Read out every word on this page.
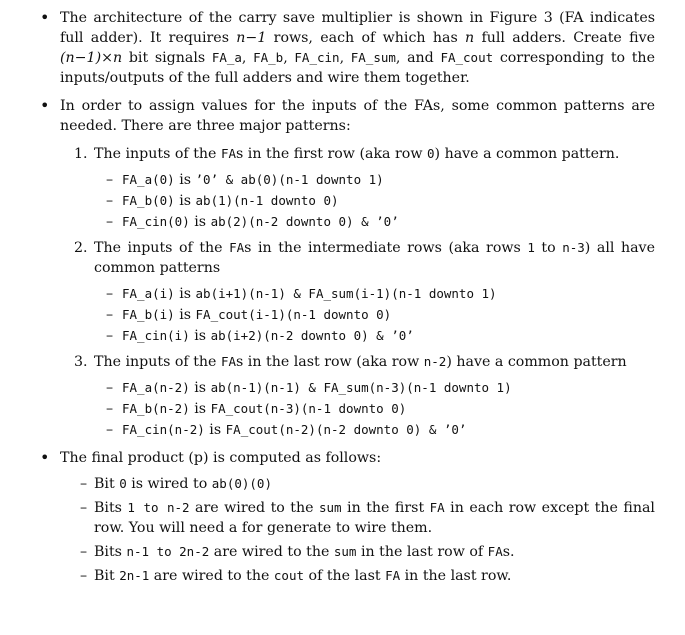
• The architecture of the carry save multiplier is shown in Figure 3 (FA indicates full adder). It requires n−1 rows, each of which has n full adders. Create five (n−1)×n bit signals FA_a, FA_b, FA_cin, FA_sum, and FA_cout corresponding to the inputs/outputs of the full adders and wire them together.
• In order to assign values for the inputs of the FAs, some common patterns are needed. There are three major patterns:
1. The inputs of the FAs in the first row (aka row 0) have a common pattern.
– FA_a(0) is ’0’ & ab(0)(n-1 downto 1)
– FA_b(0) is ab(1)(n-1 downto 0)
– FA_cin(0) is ab(2)(n-2 downto 0) & ’0’
2. The inputs of the FAs in the intermediate rows (aka rows 1 to n-3) all have common patterns
– FA_a(i) is ab(i+1)(n-1) & FA_sum(i-1)(n-1 downto 1)
– FA_b(i) is FA_cout(i-1)(n-1 downto 0)
– FA_cin(i) is ab(i+2)(n-2 downto 0) & ’0’
3. The inputs of the FAs in the last row (aka row n-2) have a common pattern
– FA_a(n-2) is ab(n-1)(n-1) & FA_sum(n-3)(n-1 downto 1)
– FA_b(n-2) is FA_cout(n-3)(n-1 downto 0)
– FA_cin(n-2) is FA_cout(n-2)(n-2 downto 0) & ’0’
• The final product (p) is computed as follows:
– Bit 0 is wired to ab(0)(0)
– Bits 1 to n-2 are wired to the sum in the first FA in each row except the final row. You will need a for generate to wire them.
– Bits n-1 to 2n-2 are wired to the sum in the last row of FAs.
– Bit 2n-1 are wired to the cout of the last FA in the last row.
